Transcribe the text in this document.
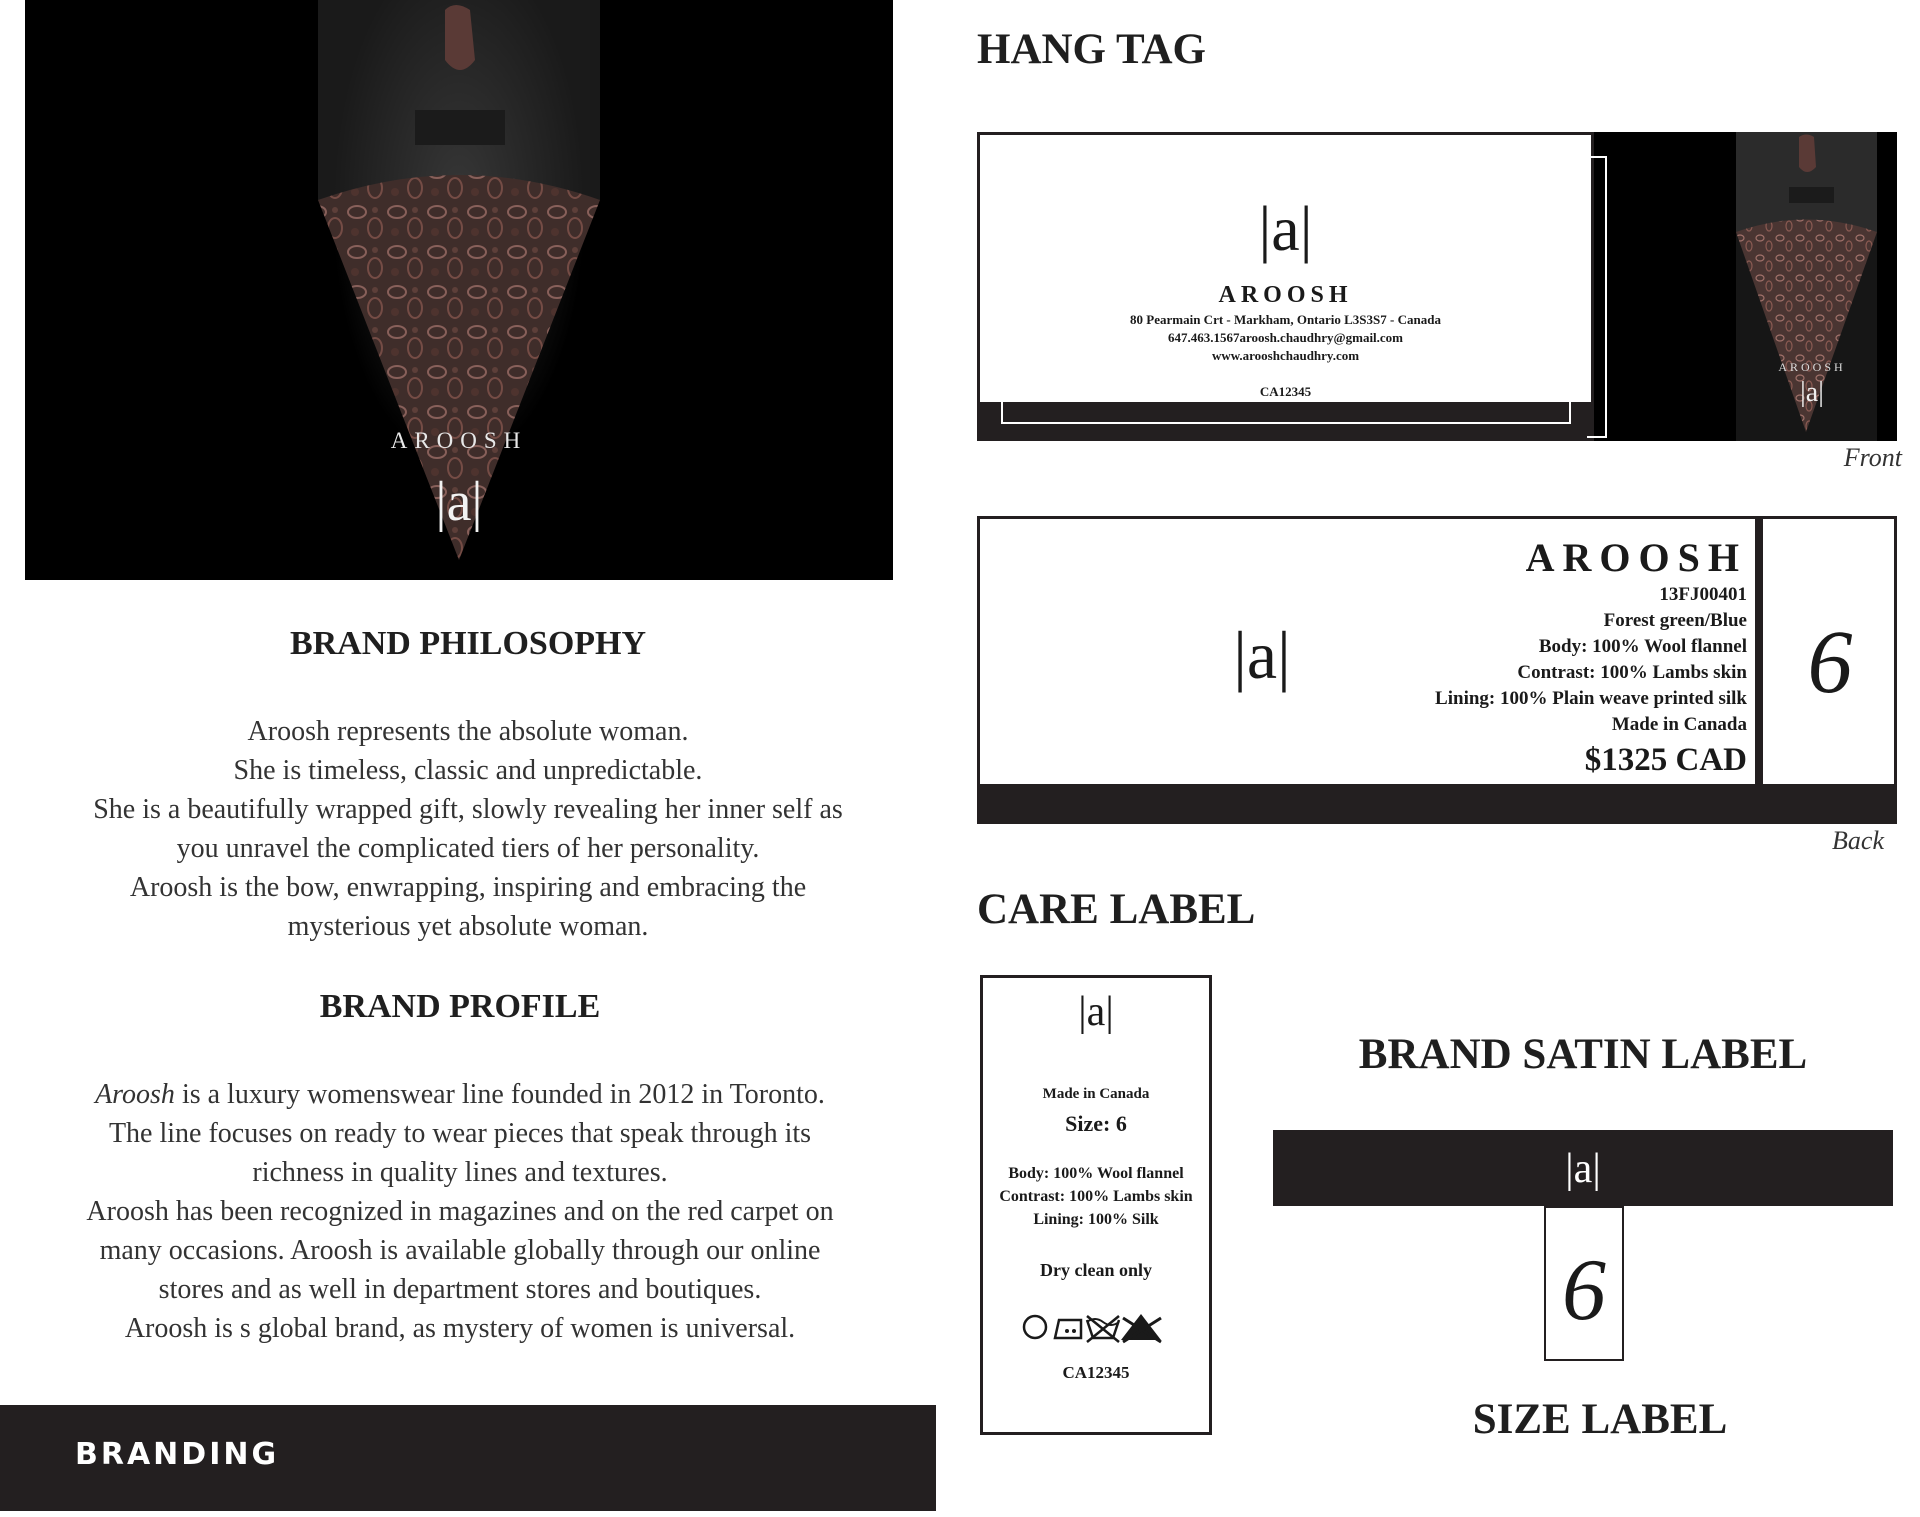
AROOSH
|a|
BRAND PHILOSOPHY
Aroosh represents the absolute woman.
She is timeless, classic and unpredictable.
She is a beautifully wrapped gift, slowly revealing her inner self as
you unravel the complicated tiers of her personality.
Aroosh is the bow, enwrapping, inspiring and embracing the
mysterious yet absolute woman.
BRAND PROFILE
Aroosh is a luxury womenswear line founded in 2012 in Toronto.
The line focuses on ready to wear pieces that speak through its
richness in quality lines and textures.
Aroosh has been recognized in magazines and on the red carpet on
many occasions. Aroosh is available globally through our online
stores and as well in department stores and boutiques.
Aroosh is s global brand, as mystery of women is universal.
BRANDING
HANG TAG
|a|
AROOSH
80 Pearmain Crt - Markham, Ontario L3S3S7 - Canada
647.463.1567aroosh.chaudhry@gmail.com
www.arooshchaudhry.com
CA12345
AROOSH
|a|
Front
|a|
AROOSH
13FJ00401
Forest green/Blue
Body: 100% Wool flannel
Contrast: 100% Lambs skin
Lining: 100% Plain weave printed silk
Made in Canada
$1325 CAD
6
Back
CARE LABEL
|a|
Made in Canada
Size: 6
Body: 100% Wool flannel
Contrast: 100% Lambs skin
Lining: 100% Silk
Dry clean only
CA12345
BRAND SATIN LABEL
|a|
6
SIZE LABEL
